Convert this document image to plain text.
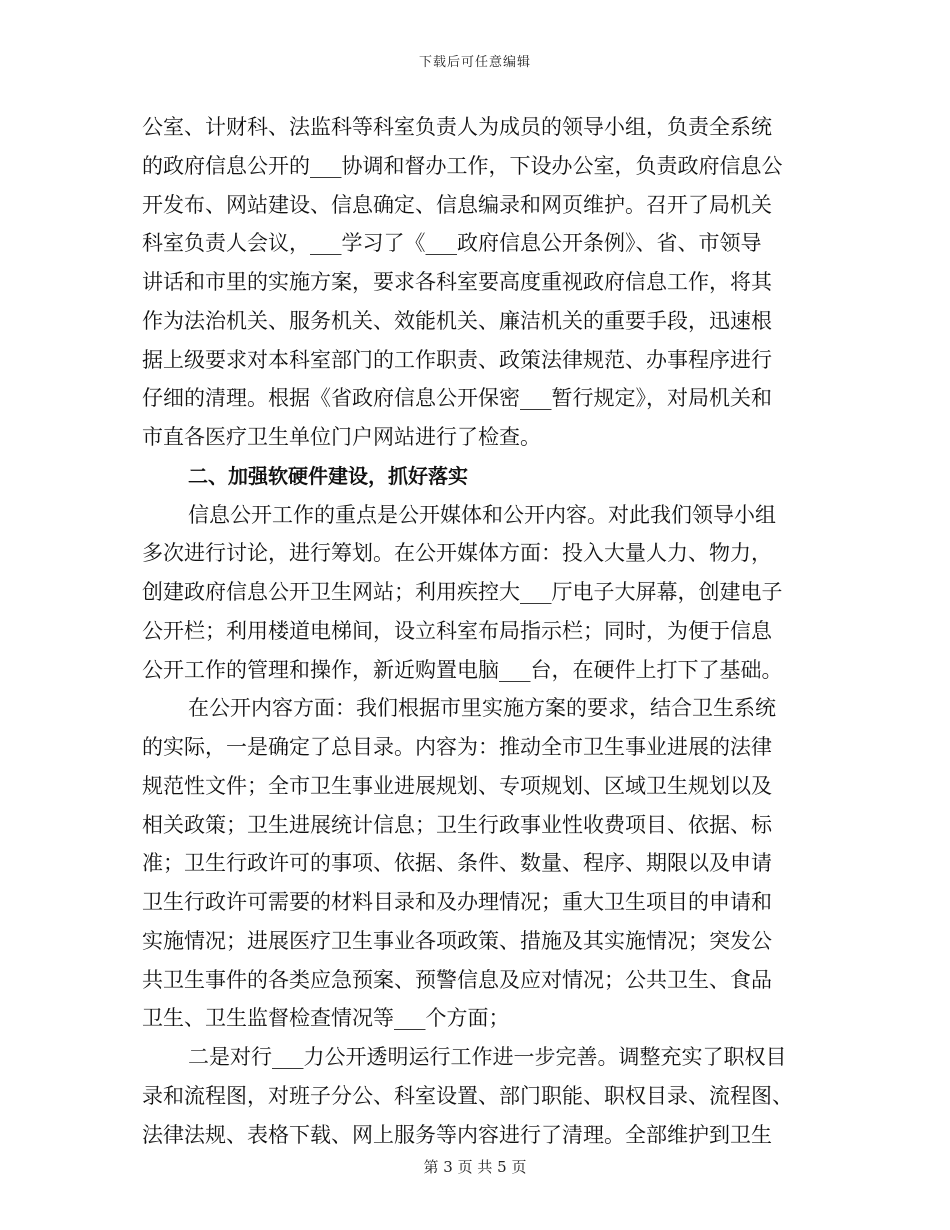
下载后可任意编辑
公室、计财科、法监科等科室负责人为成员的领导小组，负责全系统
的政府信息公开的___协调和督办工作，下设办公室，负责政府信息公
开发布、网站建设、信息确定、信息编录和网页维护。召开了局机关
科室负责人会议，___学习了《___政府信息公开条例》、省、市领导
讲话和市里的实施方案，要求各科室要高度重视政府信息工作，将其
作为法治机关、服务机关、效能机关、廉洁机关的重要手段，迅速根
据上级要求对本科室部门的工作职责、政策法律规范、办事程序进行
仔细的清理。根据《省政府信息公开保密___暂行规定》，对局机关和
市直各医疗卫生单位门户网站进行了检查。
二、加强软硬件建设，抓好落实
信息公开工作的重点是公开媒体和公开内容。对此我们领导小组
多次进行讨论，进行筹划。在公开媒体方面：投入大量人力、物力，
创建政府信息公开卫生网站；利用疾控大___厅电子大屏幕，创建电子
公开栏；利用楼道电梯间，设立科室布局指示栏；同时，为便于信息
公开工作的管理和操作，新近购置电脑___台，在硬件上打下了基础。
在公开内容方面：我们根据市里实施方案的要求，结合卫生系统
的实际，一是确定了总目录。内容为：推动全市卫生事业进展的法律
规范性文件；全市卫生事业进展规划、专项规划、区域卫生规划以及
相关政策；卫生进展统计信息；卫生行政事业性收费项目、依据、标
准；卫生行政许可的事项、依据、条件、数量、程序、期限以及申请
卫生行政许可需要的材料目录和及办理情况；重大卫生项目的申请和
实施情况；进展医疗卫生事业各项政策、措施及其实施情况；突发公
共卫生事件的各类应急预案、预警信息及应对情况；公共卫生、食品
卫生、卫生监督检查情况等___个方面；
二是对行___力公开透明运行工作进一步完善。调整充实了职权目
录和流程图，对班子分公、科室设置、部门职能、职权目录、流程图、
法律法规、表格下载、网上服务等内容进行了清理。全部维护到卫生
第 3 页 共 5 页
